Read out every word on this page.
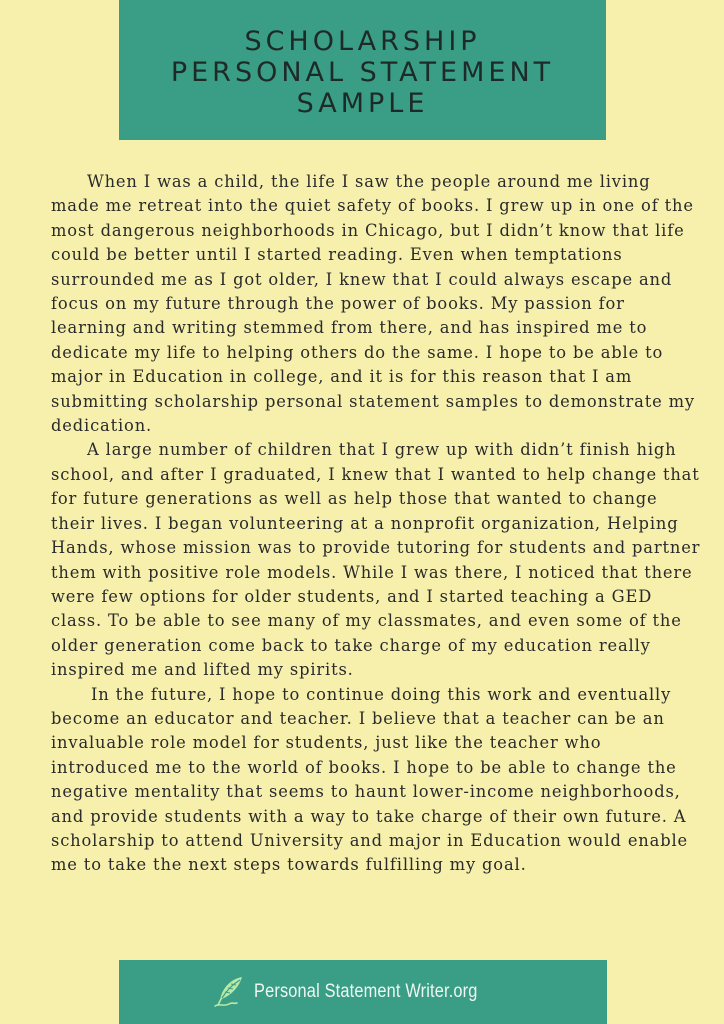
SCHOLARSHIP
PERSONAL STATEMENT
SAMPLE

When I was a child, the life I saw the people around me living
made me retreat into the quiet safety of books. I grew up in one of the
most dangerous neighborhoods in Chicago, but I didn’t know that life
could be better until I started reading. Even when temptations
surrounded me as I got older, I knew that I could always escape and
focus on my future through the power of books. My passion for
learning and writing stemmed from there, and has inspired me to
dedicate my life to helping others do the same. I hope to be able to
major in Education in college, and it is for this reason that I am
submitting scholarship personal statement samples to demonstrate my
dedication.

A large number of children that I grew up with didn’t finish high
school, and after I graduated, I knew that I wanted to help change that
for future generations as well as help those that wanted to change
their lives. I began volunteering at a nonprofit organization, Helping
Hands, whose mission was to provide tutoring for students and partner
them with positive role models. While I was there, I noticed that there
were few options for older students, and I started teaching a GED
class. To be able to see many of my classmates, and even some of the
older generation come back to take charge of my education really
inspired me and lifted my spirits.

In the future, I hope to continue doing this work and eventually
become an educator and teacher. I believe that a teacher can be an
invaluable role model for students, just like the teacher who
introduced me to the world of books. I hope to be able to change the
negative mentality that seems to haunt lower-income neighborhoods,
and provide students with a way to take charge of their own future. A
scholarship to attend University and major in Education would enable
me to take the next steps towards fulfilling my goal.

Personal Statement Writer.org
